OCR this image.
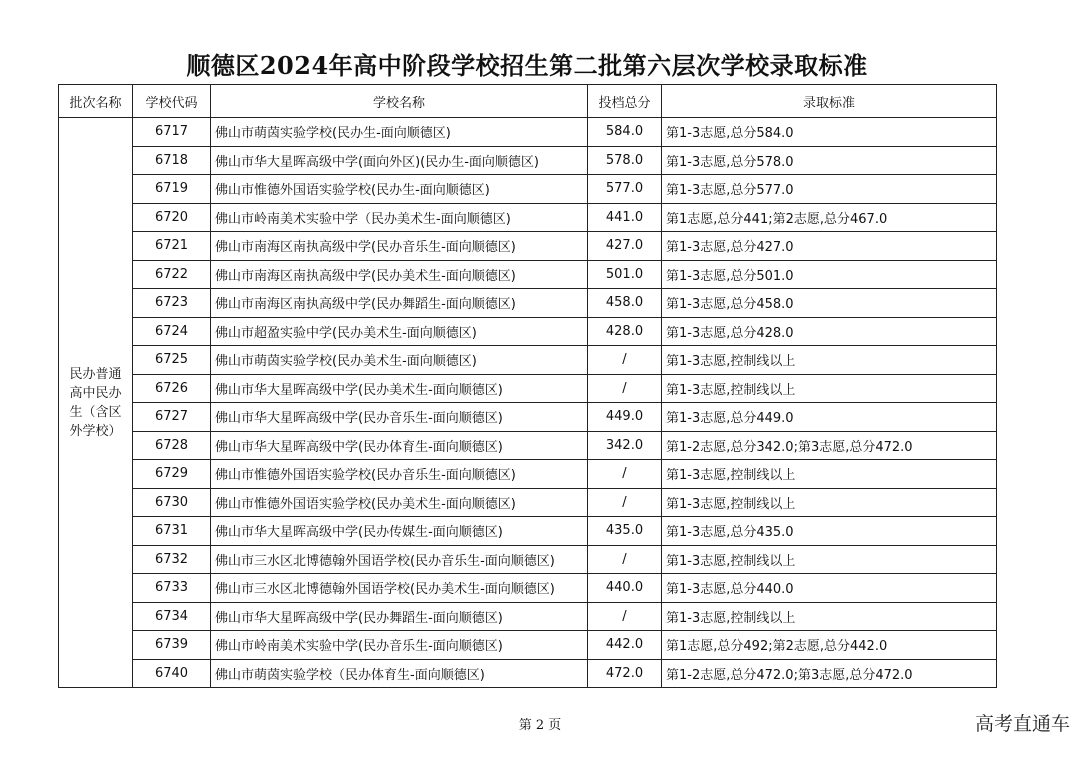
顺德区2024年高中阶段学校招生第二批第六层次学校录取标准
批次名称	学校代码	学校名称	投档总分	录取标准
民办普通高中民办生（含区外学校）	6717	佛山市萌茵实验学校(民办生-面向顺德区)	584.0	第1-3志愿,总分584.0
	6718	佛山市华大星晖高级中学(面向外区)(民办生-面向顺德区)	578.0	第1-3志愿,总分578.0
	6719	佛山市惟德外国语实验学校(民办生-面向顺德区)	577.0	第1-3志愿,总分577.0
	6720	佛山市岭南美术实验中学（民办美术生-面向顺德区)	441.0	第1志愿,总分441;第2志愿,总分467.0
	6721	佛山市南海区南执高级中学(民办音乐生-面向顺德区)	427.0	第1-3志愿,总分427.0
	6722	佛山市南海区南执高级中学(民办美术生-面向顺德区)	501.0	第1-3志愿,总分501.0
	6723	佛山市南海区南执高级中学(民办舞蹈生-面向顺德区)	458.0	第1-3志愿,总分458.0
	6724	佛山市超盈实验中学(民办美术生-面向顺德区)	428.0	第1-3志愿,总分428.0
	6725	佛山市萌茵实验学校(民办美术生-面向顺德区)	/	第1-3志愿,控制线以上
	6726	佛山市华大星晖高级中学(民办美术生-面向顺德区)	/	第1-3志愿,控制线以上
	6727	佛山市华大星晖高级中学(民办音乐生-面向顺德区)	449.0	第1-3志愿,总分449.0
	6728	佛山市华大星晖高级中学(民办体育生-面向顺德区)	342.0	第1-2志愿,总分342.0;第3志愿,总分472.0
	6729	佛山市惟德外国语实验学校(民办音乐生-面向顺德区)	/	第1-3志愿,控制线以上
	6730	佛山市惟德外国语实验学校(民办美术生-面向顺德区)	/	第1-3志愿,控制线以上
	6731	佛山市华大星晖高级中学(民办传媒生-面向顺德区)	435.0	第1-3志愿,总分435.0
	6732	佛山市三水区北博德翰外国语学校(民办音乐生-面向顺德区)	/	第1-3志愿,控制线以上
	6733	佛山市三水区北博德翰外国语学校(民办美术生-面向顺德区)	440.0	第1-3志愿,总分440.0
	6734	佛山市华大星晖高级中学(民办舞蹈生-面向顺德区)	/	第1-3志愿,控制线以上
	6739	佛山市岭南美术实验中学(民办音乐生-面向顺德区)	442.0	第1志愿,总分492;第2志愿,总分442.0
	6740	佛山市萌茵实验学校（民办体育生-面向顺德区)	472.0	第1-2志愿,总分472.0;第3志愿,总分472.0
第 2 页	高考直通车
